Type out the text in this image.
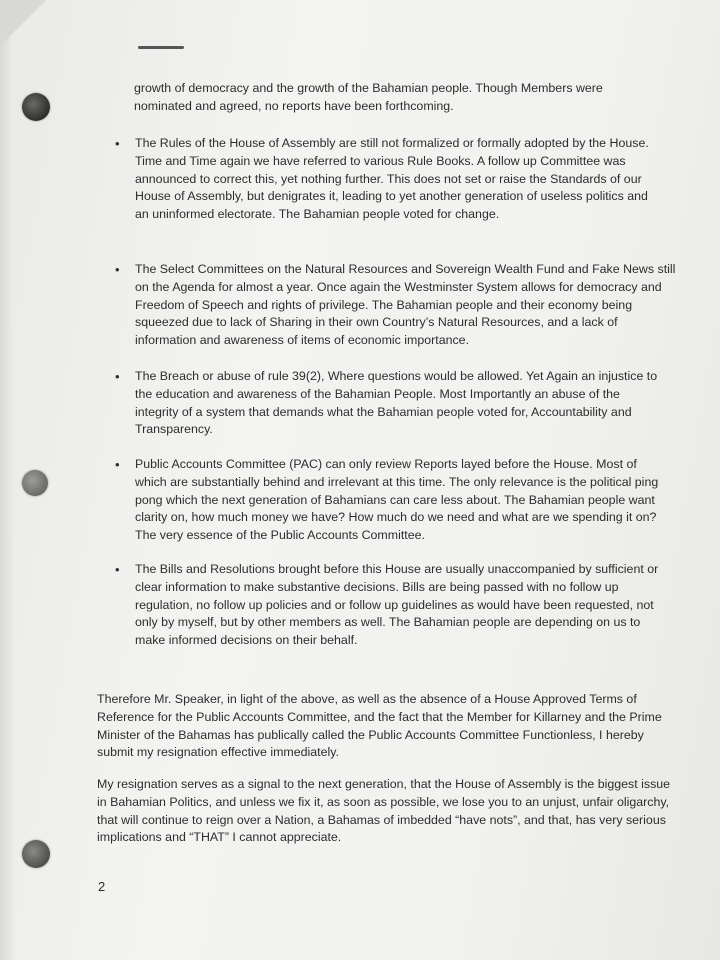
growth of democracy and the growth of the Bahamian people. Though Members were
nominated and agreed, no reports have been forthcoming.

• The Rules of the House of Assembly are still not formalized or formally adopted by the House.
Time and Time again we have referred to various Rule Books. A follow up Committee was
announced to correct this, yet nothing further. This does not set or raise the Standards of our
House of Assembly, but denigrates it, leading to yet another generation of useless politics and
an uninformed electorate. The Bahamian people voted for change.

• The Select Committees on the Natural Resources and Sovereign Wealth Fund and Fake News still
on the Agenda for almost a year. Once again the Westminster System allows for democracy and
Freedom of Speech and rights of privilege. The Bahamian people and their economy being
squeezed due to lack of Sharing in their own Country’s Natural Resources, and a lack of
information and awareness of items of economic importance.

• The Breach or abuse of rule 39(2), Where questions would be allowed. Yet Again an injustice to
the education and awareness of the Bahamian People. Most Importantly an abuse of the
integrity of a system that demands what the Bahamian people voted for, Accountability and
Transparency.

• Public Accounts Committee (PAC) can only review Reports layed before the House. Most of
which are substantially behind and irrelevant at this time. The only relevance is the political ping
pong which the next generation of Bahamians can care less about. The Bahamian people want
clarity on, how much money we have? How much do we need and what are we spending it on?
The very essence of the Public Accounts Committee.

• The Bills and Resolutions brought before this House are usually unaccompanied by sufficient or
clear information to make substantive decisions. Bills are being passed with no follow up
regulation, no follow up policies and or follow up guidelines as would have been requested, not
only by myself, but by other members as well. The Bahamian people are depending on us to
make informed decisions on their behalf.

Therefore Mr. Speaker, in light of the above, as well as the absence of a House Approved Terms of
Reference for the Public Accounts Committee, and the fact that the Member for Killarney and the Prime
Minister of the Bahamas has publically called the Public Accounts Committee Functionless, I hereby
submit my resignation effective immediately.

My resignation serves as a signal to the next generation, that the House of Assembly is the biggest issue
in Bahamian Politics, and unless we fix it, as soon as possible, we lose you to an unjust, unfair oligarchy,
that will continue to reign over a Nation, a Bahamas of imbedded “have nots”, and that, has very serious
implications and “THAT” I cannot appreciate.

2
